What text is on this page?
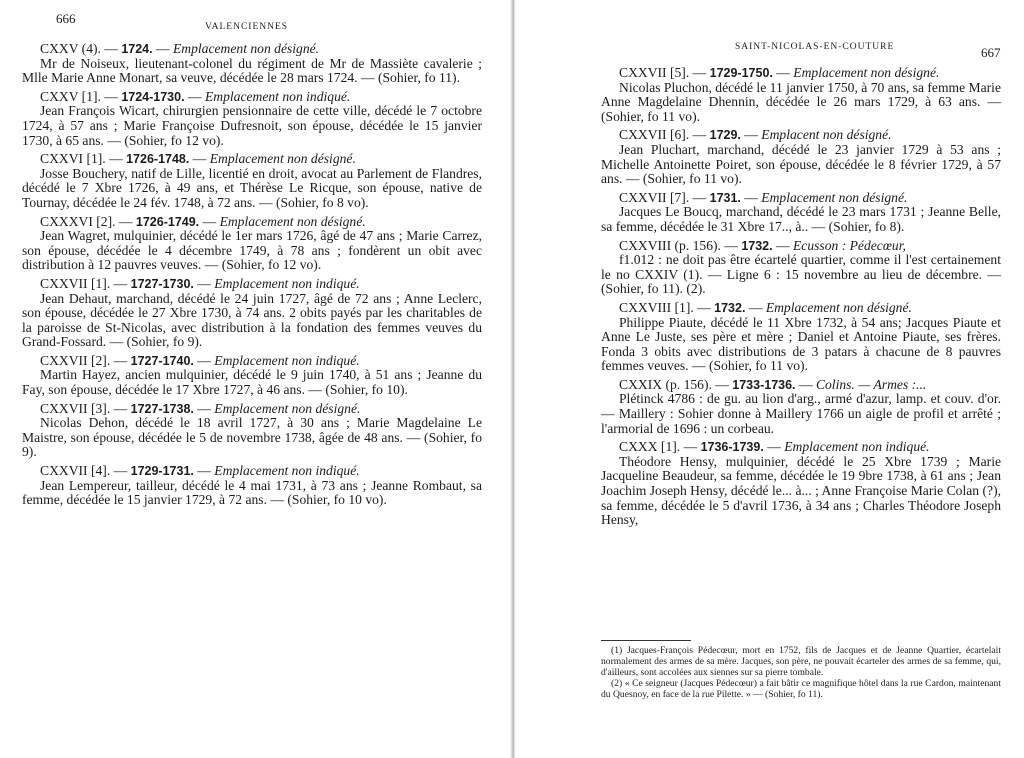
666
VALENCIENNES
CXXV (4). — 1724. — Emplacement non désigné.
Mr de Noiseux, lieutenant-colonel du régiment de Mr de Massiète cavalerie ; Mlle Marie Anne Monart, sa veuve, décédée le 28 mars 1724. — (Sohier, fo 11).
CXXV [1]. — 1724-1730. — Emplacement non indiqué.
Jean François Wicart, chirurgien pensionnaire de cette ville, décédé le 7 octobre 1724, à 57 ans ; Marie Françoise Dufresnoit, son épouse, décédée le 15 janvier 1730, à 65 ans. — (Sohier, fo 12 vo).
CXXVI [1]. — 1726-1748. — Emplacement non désigné.
Josse Bouchery, natif de Lille, licentié en droit, avocat au Parlement de Flandres, décédé le 7 Xbre 1726, à 49 ans, et Thérèse Le Ricque, son épouse, native de Tournay, décédée le 24 fév. 1748, à 72 ans. — (Sohier, fo 8 vo).
CXXXVI [2]. — 1726-1749. — Emplacement non désigné.
Jean Wagret, mulquinier, décédé le 1er mars 1726, âgé de 47 ans ; Marie Carrez, son épouse, décédée le 4 décembre 1749, à 78 ans ; fondèrent un obit avec distribution à 12 pauvres veuves. — (Sohier, fo 12 vo).
CXXVII [1]. — 1727-1730. — Emplacement non indiqué.
Jean Dehaut, marchand, décédé le 24 juin 1727, âgé de 72 ans ; Anne Leclerc, son épouse, décédée le 27 Xbre 1730, à 74 ans. 2 obits payés par les charitables de la paroisse de St-Nicolas, avec distribution à la fondation des femmes veuves du Grand-Fossard. — (Sohier, fo 9).
CXXVII [2]. — 1727-1740. — Emplacement non indiqué.
Martin Hayez, ancien mulquinier, décédé le 9 juin 1740, à 51 ans ; Jeanne du Fay, son épouse, décédée le 17 Xbre 1727, à 46 ans. — (Sohier, fo 10).
CXXVII [3]. — 1727-1738. — Emplacement non désigné.
Nicolas Dehon, décédé le 18 avril 1727, à 30 ans ; Marie Magdelaine Le Maistre, son épouse, décédée le 5 de novembre 1738, âgée de 48 ans. — (Sohier, fo 9).
CXXVII [4]. — 1729-1731. — Emplacement non indiqué.
Jean Lempereur, tailleur, décédé le 4 mai 1731, à 73 ans ; Jeanne Rombaut, sa femme, décédée le 15 janvier 1729, à 72 ans. — (Sohier, fo 10 vo).
SAINT-NICOLAS-EN-COUTURE	667
CXXVII [5]. — 1729-1750. — Emplacement non désigné.
Nicolas Pluchon, décédé le 11 janvier 1750, à 70 ans, sa femme Marie Anne Magdelaine Dhennin, décédée le 26 mars 1729, à 63 ans. — (Sohier, fo 11 vo).
CXXVII [6]. — 1729. — Emplacent non désigné.
Jean Pluchart, marchand, décédé le 23 janvier 1729 à 53 ans ; Michelle Antoinette Poiret, son épouse, décédée le 8 février 1729, à 57 ans. — (Sohier, fo 11 vo).
CXXVII [7]. — 1731. — Emplacement non désigné.
Jacques Le Boucq, marchand, décédé le 23 mars 1731 ; Jeanne Belle, sa femme, décédée le 31 Xbre 17.., à.. — (Sohier, fo 8).
CXXVIII (p. 156). — 1732. — Ecusson : Pédecœur,
f1.012 : ne doit pas être écartelé quartier, comme il l'est certainement le no CXXIV (1). — Ligne 6 : 15 novembre au lieu de décembre. — (Sohier, fo 11). (2).
CXXVIII [1]. — 1732. — Emplacement non désigné.
Philippe Piaute, décédé le 11 Xbre 1732, à 54 ans; Jacques Piaute et Anne Le Juste, ses père et mère ; Daniel et Antoine Piaute, ses frères. Fonda 3 obits avec distributions de 3 patars à chacune de 8 pauvres femmes veuves. — (Sohier, fo 11 vo).
CXXIX (p. 156). — 1733-1736. — Colins. — Armes :...
Plétinck 4786 : de gu. au lion d'arg., armé d'azur, lamp. et couv. d'or. — Maillery : Sohier donne à Maillery 1766 un aigle de profil et arrêté ; l'armorial de 1696 : un corbeau.
CXXX [1]. — 1736-1739. — Emplacement non indiqué.
Théodore Hensy, mulquinier, décédé le 25 Xbre 1739 ; Marie Jacqueline Beaudeur, sa femme, décédée le 19 9bre 1738, à 61 ans ; Jean Joachim Joseph Hensy, décédé le... à... ; Anne Françoise Marie Colan (?), sa femme, décédée le 5 d'avril 1736, à 34 ans ; Charles Théodore Joseph Hensy,

(1) Jacques-François Pédecœur, mort en 1752, fils de Jacques et de Jeanne Quartier, écartelait normalement des armes de sa mère. Jacques, son père, ne pouvait écarteler des armes de sa femme, qui, d'ailleurs, sont accolées aux siennes sur sa pierre tombale.

(2) « Ce seigneur (Jacques Pédecœur) a fait bâtir ce magnifique hôtel dans la rue Cardon, maintenant du Quesnoy, en face de la rue Pilette. » — (Sohier, fo 11).
